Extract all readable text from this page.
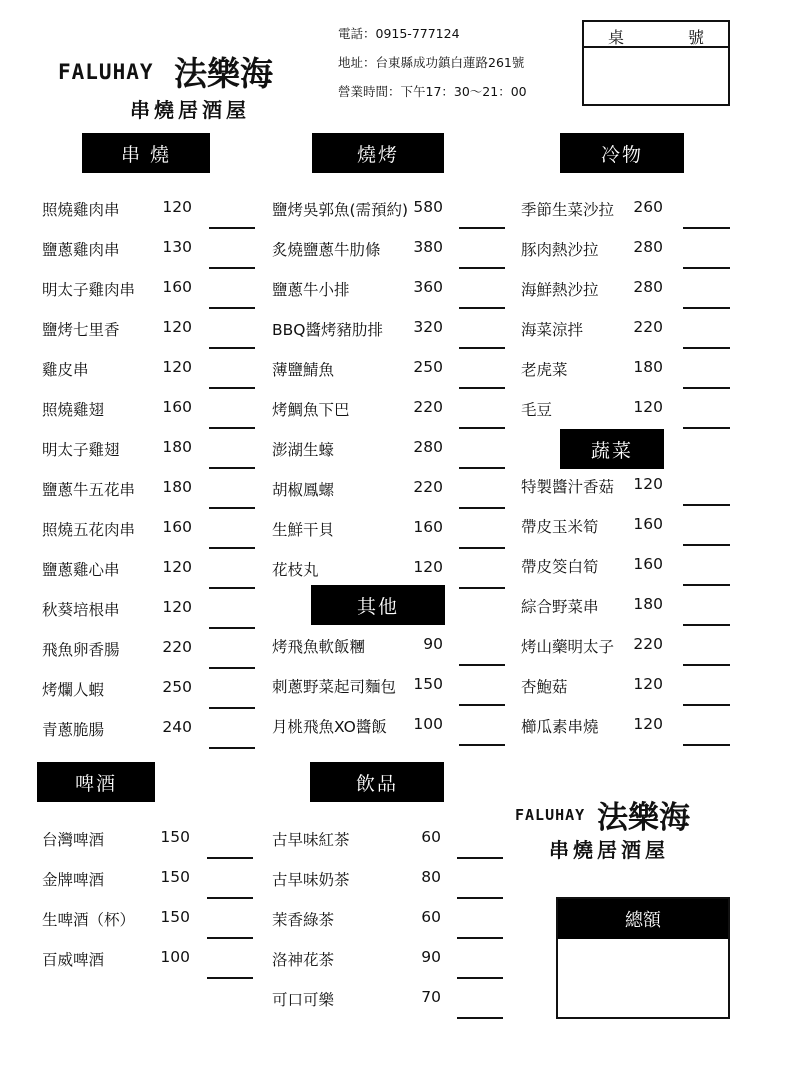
FALUHAY 法樂海
串燒居酒屋
電話：0915-777124
地址：台東縣成功鎮白蓮路261號
營業時間：下午17：30～21：00
桌	號
串 燒	燒烤	冷物
蔬菜
其他
啤酒	飲品
照燒雞肉串	120
鹽蔥雞肉串	130
明太子雞肉串	160
鹽烤七里香	120
雞皮串	120
照燒雞翅	160
明太子雞翅	180
鹽蔥牛五花串	180
照燒五花肉串	160
鹽蔥雞心串	120
秋葵培根串	120
飛魚卵香腸	220
烤爛人蝦	250
青蔥脆腸	240
鹽烤吳郭魚(需預約) 580
炙燒鹽蔥牛肋條	380
鹽蔥牛小排	360
BBQ醬烤豬肋排	320
薄鹽鯖魚	250
烤鯛魚下巴	220
澎湖生蠔	280
胡椒鳳螺	220
生鮮干貝	160
花枝丸	120
烤飛魚軟飯糰	90
刺蔥野菜起司麵包	150
月桃飛魚XO醬飯	100
季節生菜沙拉	260
豚肉熱沙拉	280
海鮮熱沙拉	280
海菜涼拌	220
老虎菜	180
毛豆	120
特製醬汁香菇	120
帶皮玉米筍	160
帶皮筊白筍	160
綜合野菜串	180
烤山藥明太子	220
杏鮑菇	120
櫛瓜素串燒	120
台灣啤酒	150
金牌啤酒	150
生啤酒（杯）	150
百威啤酒	100
古早味紅茶	60
古早味奶茶	80
茉香綠茶	60
洛神花茶	90
可口可樂	70
FALUHAY 法樂海
串燒居酒屋
總額
